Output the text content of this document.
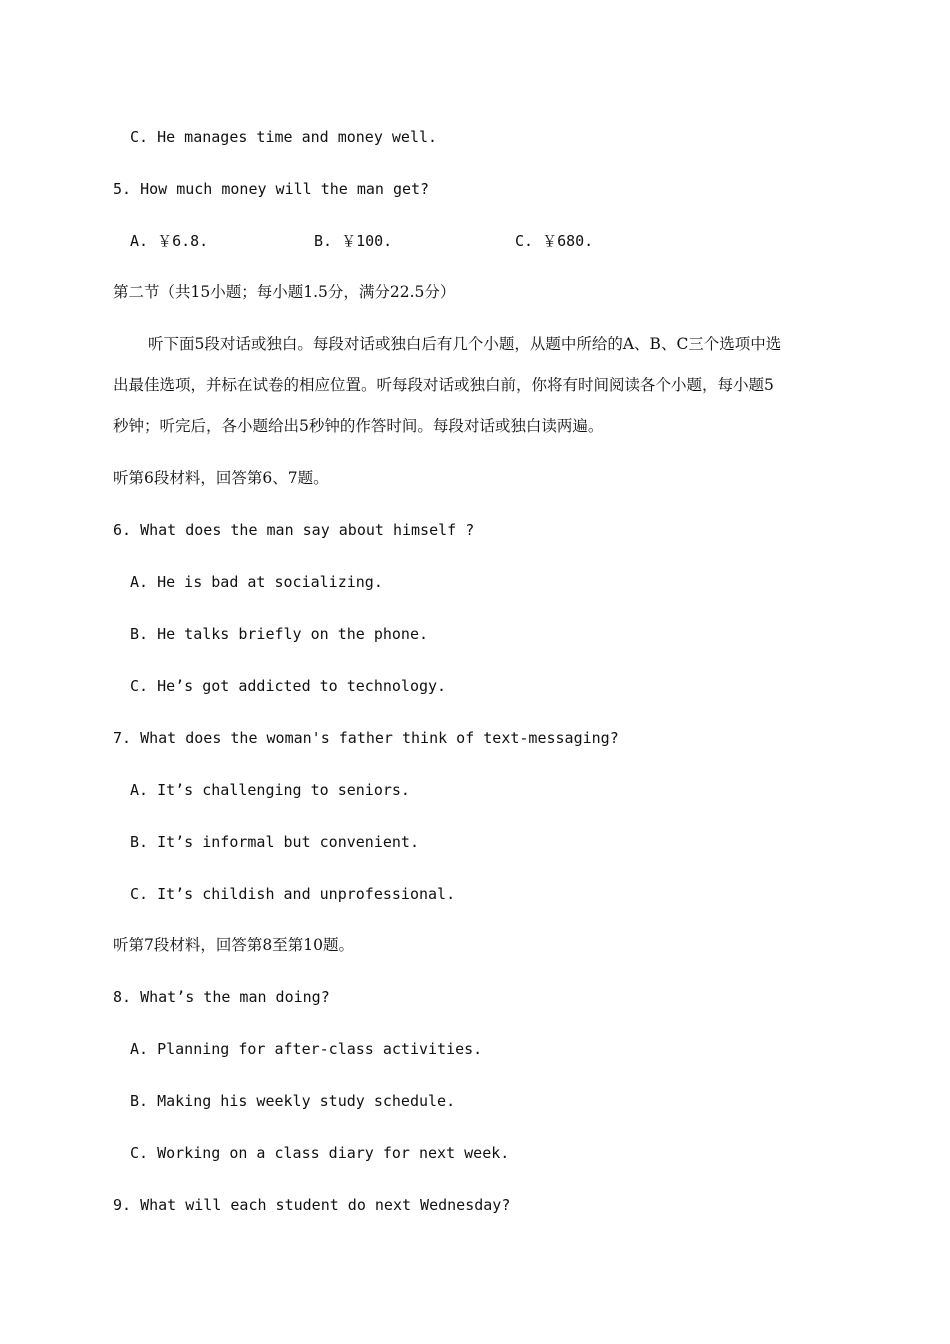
C. He manages time and money well.
5. How much money will the man get?
A. ￥6.8.	B. ￥100.	C. ￥680.
第二节（共15小题；每小题1.5分，满分22.5分）
听下面5段对话或独白。每段对话或独白后有几个小题，从题中所给的A、B、C三个选项中选
出最佳选项，并标在试卷的相应位置。听每段对话或独白前，你将有时间阅读各个小题，每小题5
秒钟；听完后，各小题给出5秒钟的作答时间。每段对话或独白读两遍。
听第6段材料，回答第6、7题。
6. What does the man say about himself ?
A. He is bad at socializing.
B. He talks briefly on the phone.
C. He’s got addicted to technology.
7. What does the woman's father think of text-messaging?
A. It’s challenging to seniors.
B. It’s informal but convenient.
C. It’s childish and unprofessional.
听第7段材料，回答第8至第10题。
8. What’s the man doing?
A. Planning for after-class activities.
B. Making his weekly study schedule.
C. Working on a class diary for next week.
9. What will each student do next Wednesday?
